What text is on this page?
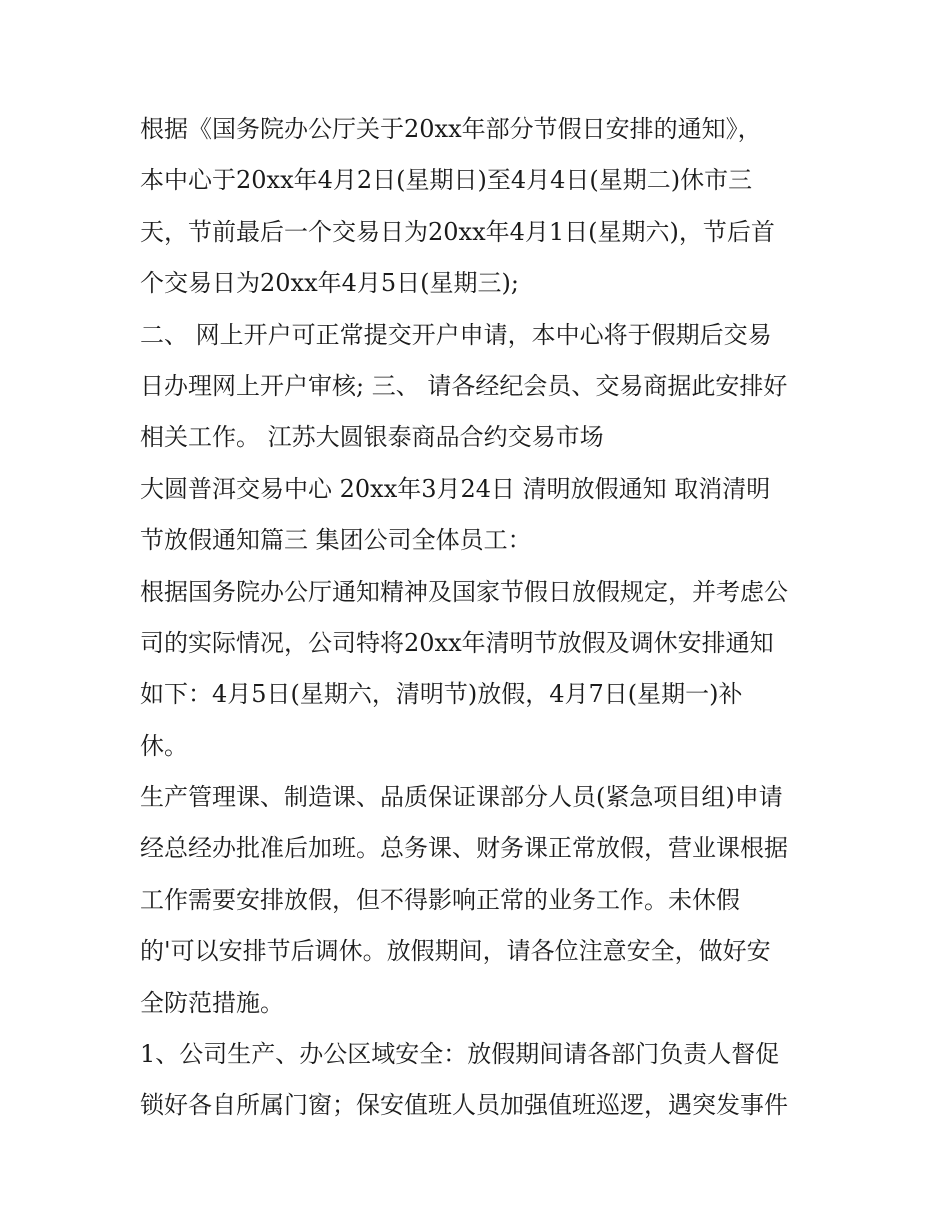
根据《国务院办公厅关于20xx年部分节假日安排的通知》，
本中心于20xx年4月2日(星期日)至4月4日(星期二)休市三
天，节前最后一个交易日为20xx年4月1日(星期六)，节后首
个交易日为20xx年4月5日(星期三);
二、 网上开户可正常提交开户申请，本中心将于假期后交易
日办理网上开户审核; 三、 请各经纪会员、交易商据此安排好
相关工作。 江苏大圆银泰商品合约交易市场
大圆普洱交易中心 20xx年3月24日 清明放假通知 取消清明
节放假通知篇三 集团公司全体员工：
根据国务院办公厅通知精神及国家节假日放假规定，并考虑公
司的实际情况，公司特将20xx年清明节放假及调休安排通知
如下：4月5日(星期六，清明节)放假，4月7日(星期一)补
休。
生产管理课、制造课、品质保证课部分人员(紧急项目组)申请
经总经办批准后加班。总务课、财务课正常放假，营业课根据
工作需要安排放假，但不得影响正常的业务工作。未休假
的'可以安排节后调休。放假期间，请各位注意安全，做好安
全防范措施。
1、公司生产、办公区域安全：放假期间请各部门负责人督促
锁好各自所属门窗；保安值班人员加强值班巡逻，遇突发事件
